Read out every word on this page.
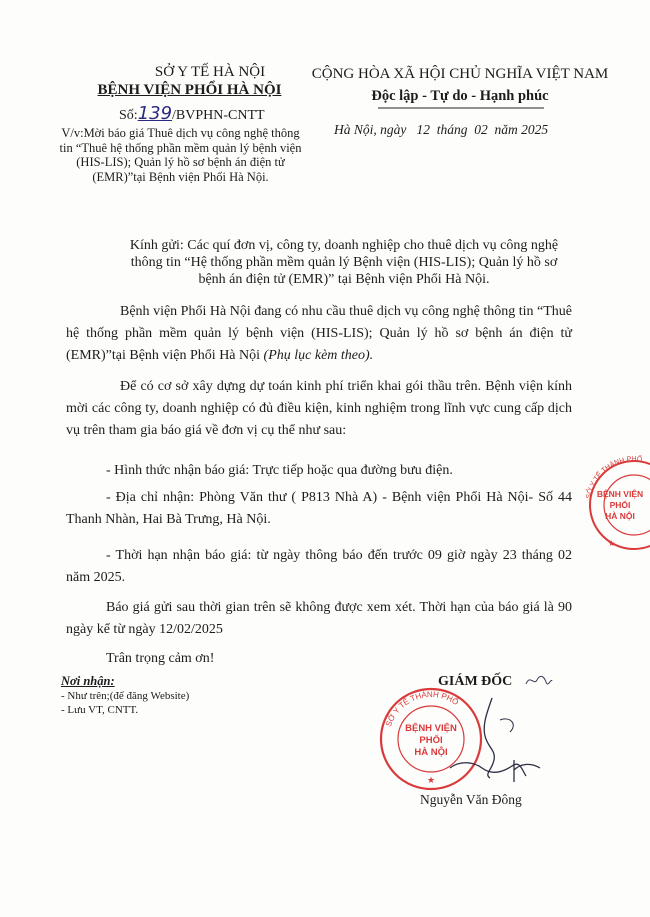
SỞ Y TẾ HÀ NỘI
BỆNH VIỆN PHỔI HÀ NỘI
Số:139/BVPHN-CNTT
V/v:Mời báo giá Thuê dịch vụ công nghệ thông tin “Thuê hệ thống phần mềm quản lý bệnh viện (HIS-LIS); Quản lý hồ sơ bệnh án điện tử (EMR)”tại Bệnh viện Phổi Hà Nội.
CỘNG HÒA XÃ HỘI CHỦ NGHĨA VIỆT NAM
Độc lập - Tự do - Hạnh phúc
Hà Nội, ngày 12 tháng 02 năm 2025
Kính gửi: Các quí đơn vị, công ty, doanh nghiệp cho thuê dịch vụ công nghệ thông tin “Hệ thống phần mềm quản lý Bệnh viện (HIS-LIS); Quản lý hồ sơ bệnh án điện tử (EMR)” tại Bệnh viện Phổi Hà Nội.
Bệnh viện Phổi Hà Nội đang có nhu cầu thuê dịch vụ công nghệ thông tin “Thuê hệ thống phần mềm quản lý bệnh viện (HIS-LIS); Quản lý hồ sơ bệnh án điện tử (EMR)”tại Bệnh viện Phổi Hà Nội (Phụ lục kèm theo).
Để có cơ sở xây dựng dự toán kinh phí triển khai gói thầu trên. Bệnh viện kính mời các công ty, doanh nghiệp có đủ điều kiện, kinh nghiệm trong lĩnh vực cung cấp dịch vụ trên tham gia báo giá về đơn vị cụ thể như sau:
- Hình thức nhận báo giá: Trực tiếp hoặc qua đường bưu điện.
- Địa chỉ nhận: Phòng Văn thư ( P813 Nhà A) - Bệnh viện Phổi Hà Nội- Số 44 Thanh Nhàn, Hai Bà Trưng, Hà Nội.
- Thời hạn nhận báo giá: từ ngày thông báo đến trước 09 giờ ngày 23 tháng 02 năm 2025.
Báo giá gửi sau thời gian trên sẽ không được xem xét. Thời hạn của báo giá là 90 ngày kể từ ngày 12/02/2025
Trân trọng cảm ơn!
Nơi nhận:
- Như trên;(để đăng Website)
- Lưu VT, CNTT.
GIÁM ĐỐC
Nguyễn Văn Đông
SỞ Y TẾ THÀNH PHỐ
BỆNH VIỆN
PHỔI
HÀ NỘI
★
SỞ Y TẾ THÀNH PHỐ
BỆNH VIỆN
PHỔI
HÀ NỘI
★
